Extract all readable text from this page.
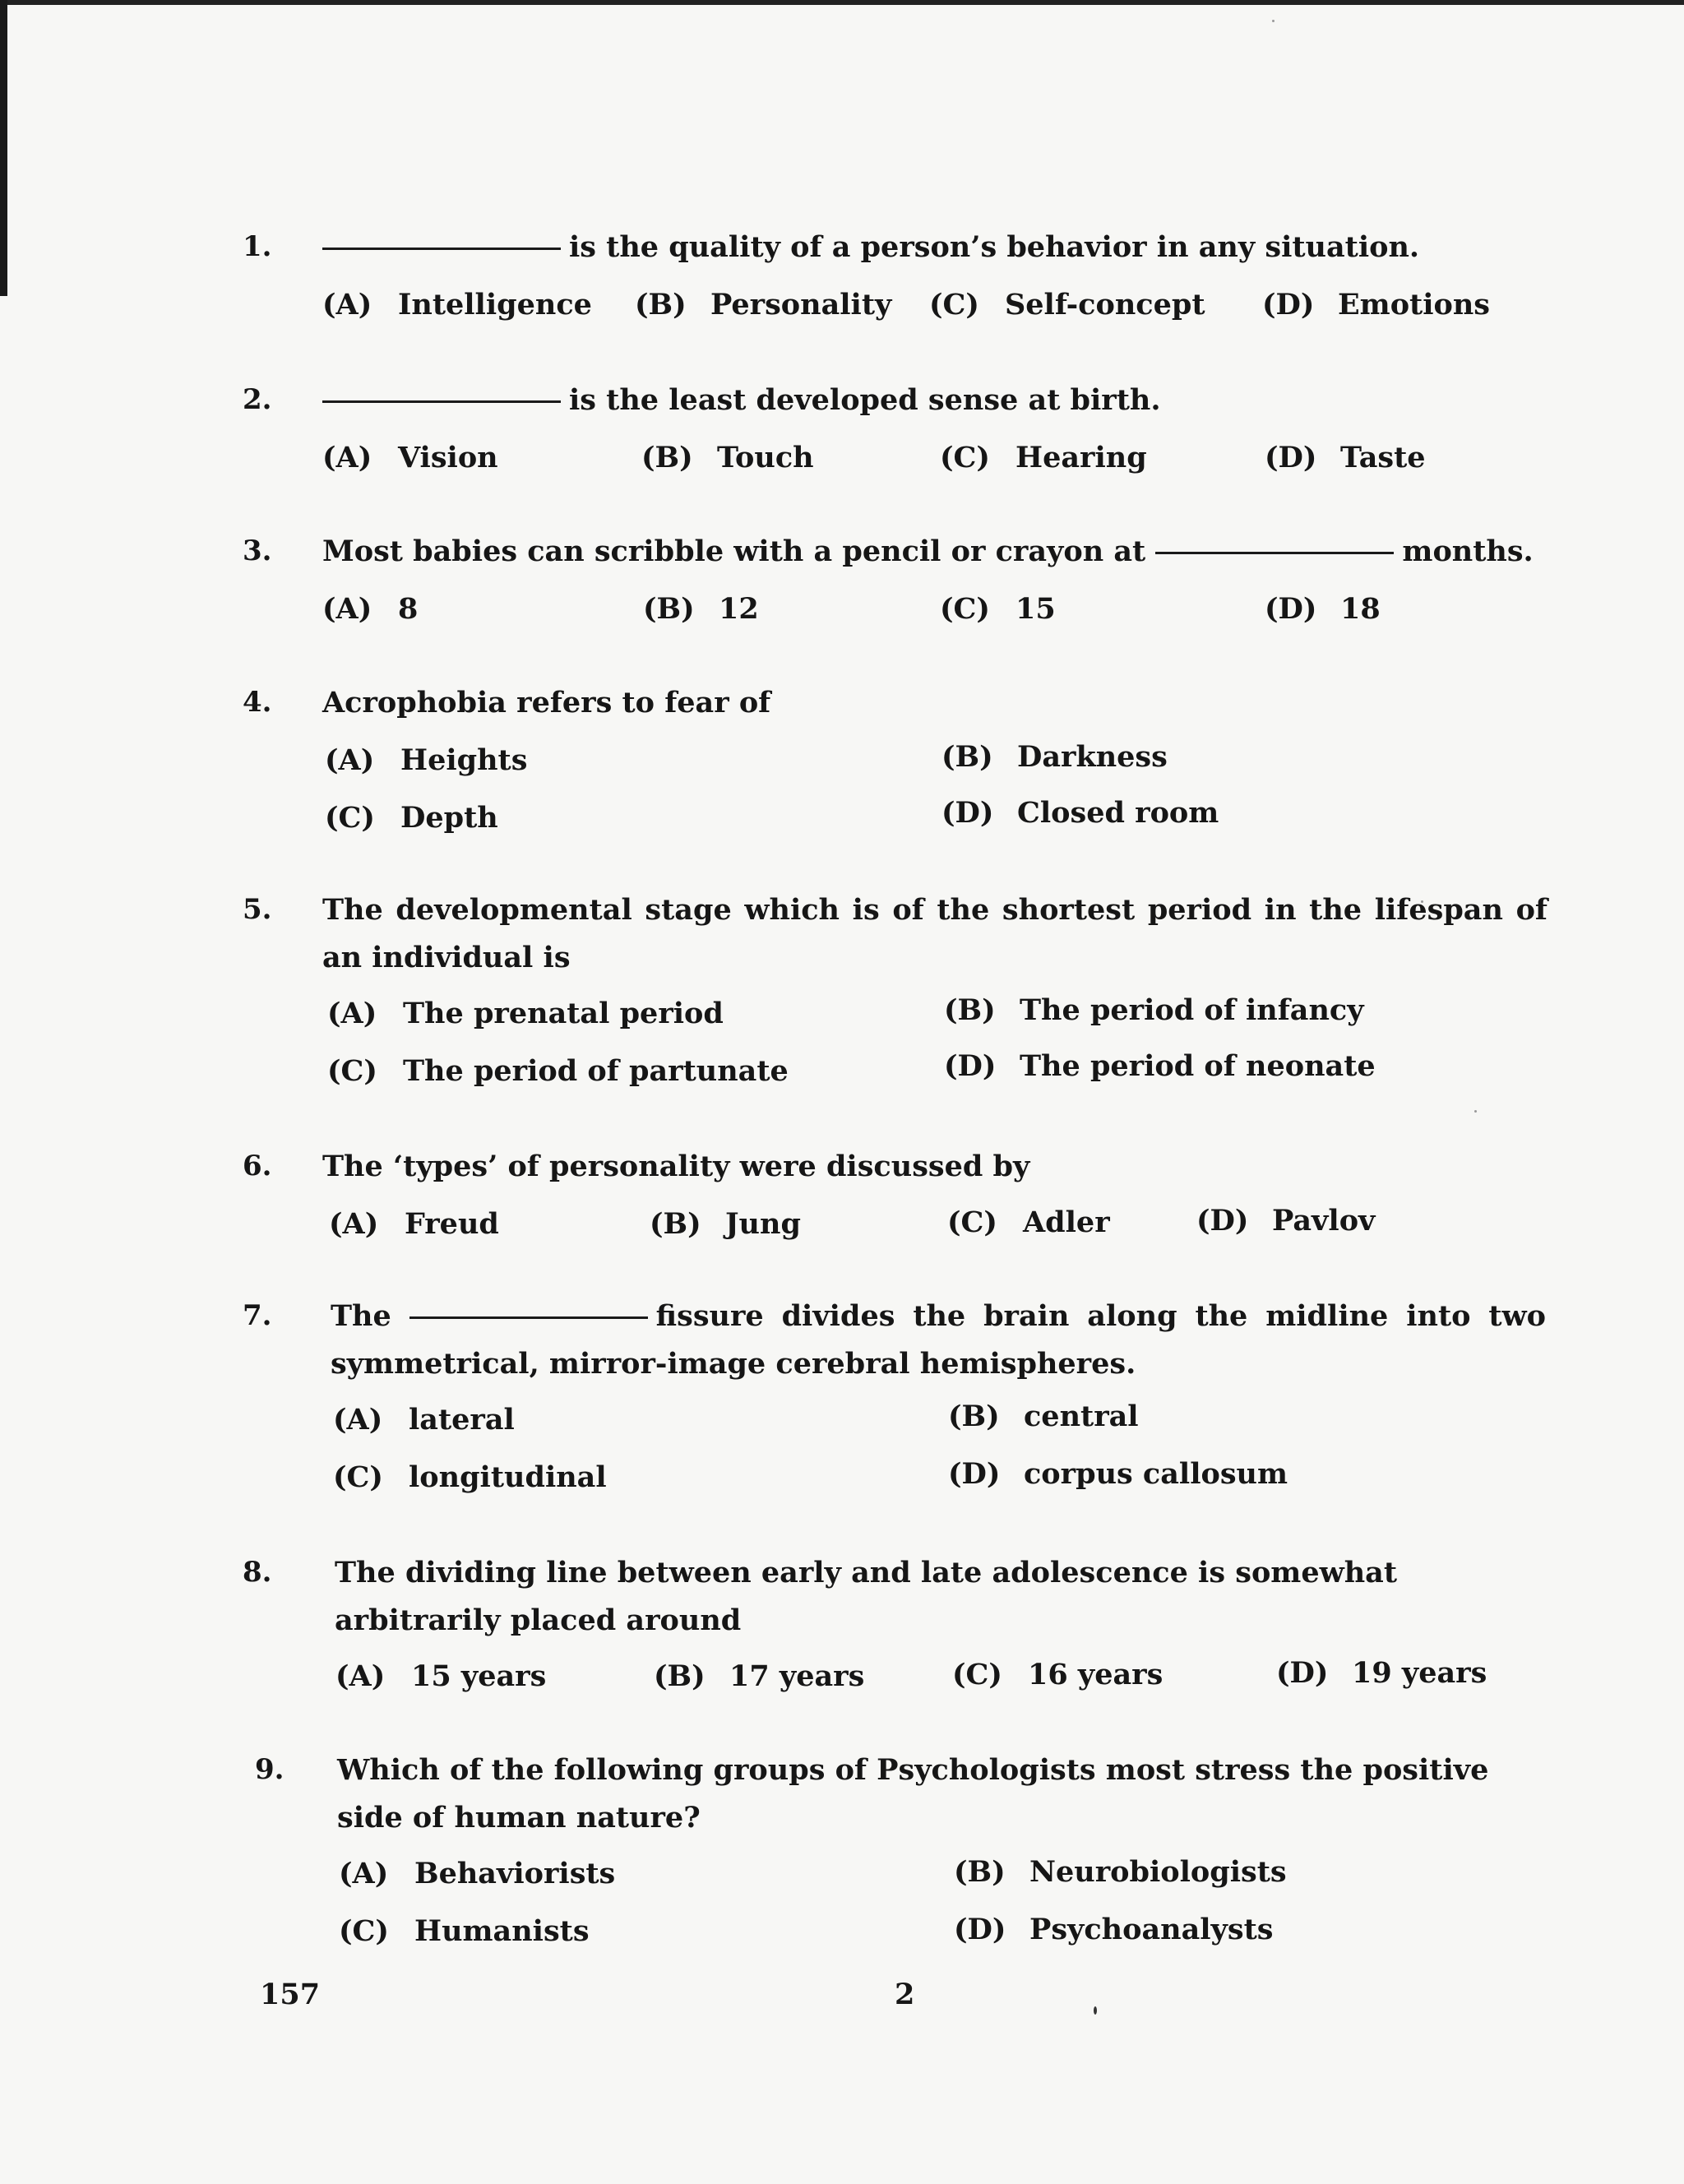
1.	is the quality of a person’s behavior in any situation.
(A) Intelligence (B) Personality (C) Self-concept (D) Emotions
2.	is the least developed sense at birth.
(A) Vision	(B) Touch	(C) Hearing	(D) Taste
3. Most babies can scribble with a pencil or crayon at	months.
(A) 8	(B) 12	(C) 15	(D) 18
4. Acrophobia refers to fear of
(A) Heights	(B) Darkness
(C) Depth	(D) Closed room
5. The developmental stage which is of the shortest period in the lifespan of an individual is
(A) The prenatal period	(B) The period of infancy
(C) The period of partunate	(D) The period of neonate
6. The ‘types’ of personality were discussed by
(A) Freud	(B) Jung	(C) Adler	(D) Pavlov
7. The	fissure divides the brain along the midline into two symmetrical, mirror-image cerebral hemispheres.
(A) lateral	(B) central
(C) longitudinal	(D) corpus callosum
8. The dividing line between early and late adolescence is somewhat arbitrarily placed around
(A) 15 years	(B) 17 years	(C) 16 years	(D) 19 years
9. Which of the following groups of Psychologists most stress the positive side of human nature?
(A) Behaviorists	(B) Neurobiologists
(C) Humanists	(D) Psychoanalysts
157	2
